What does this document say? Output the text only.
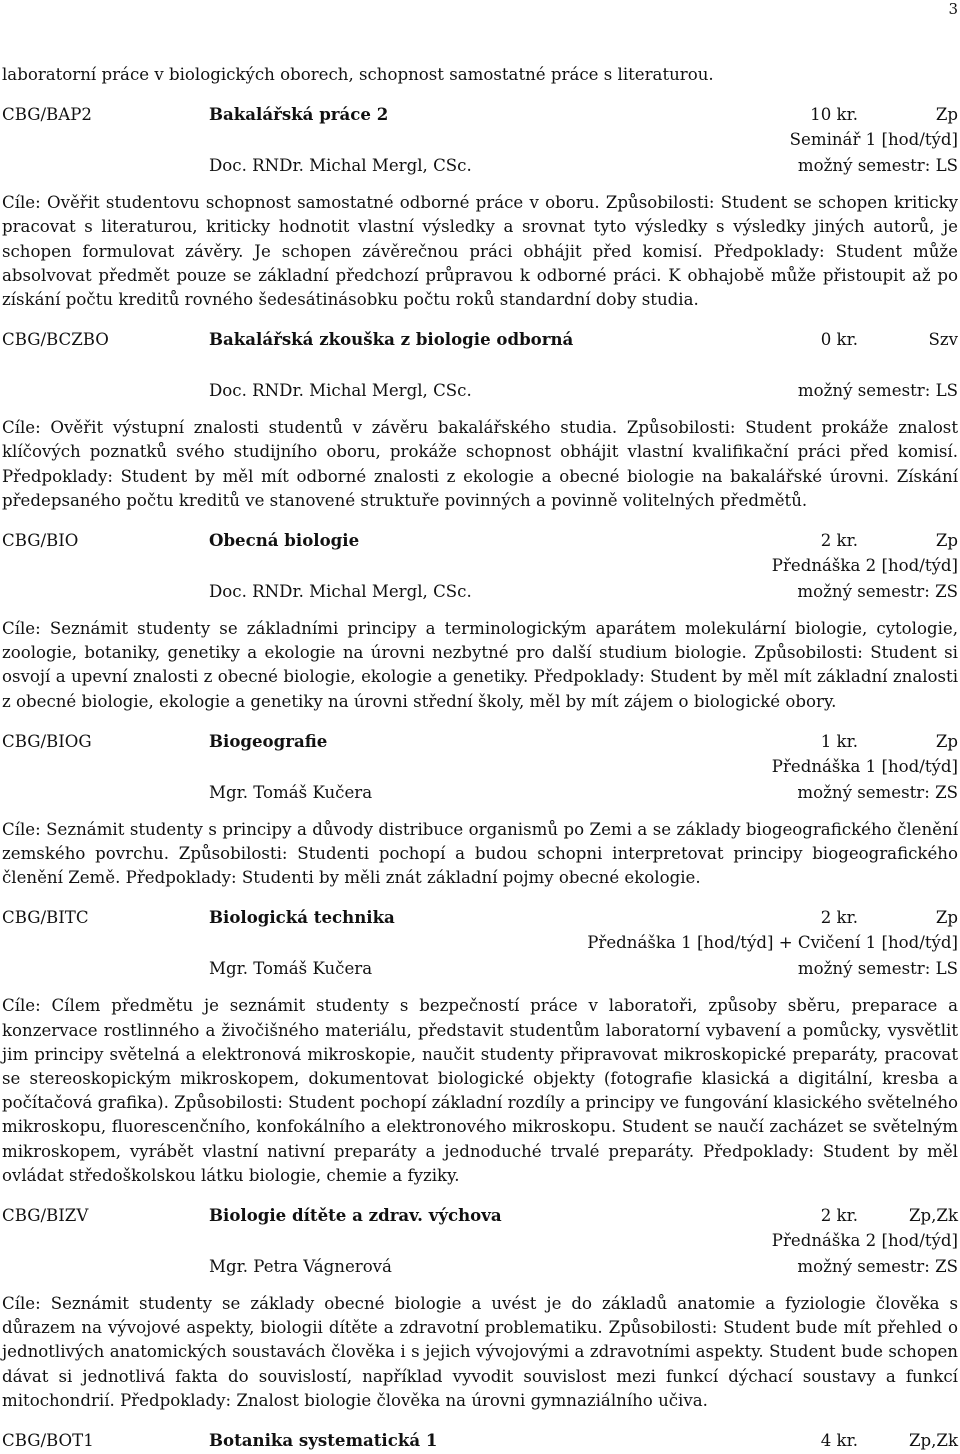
3

laboratorní práce v biologických oborech, schopnost samostatné práce s literaturou.

CBG/BAP2	Bakalářská práce 2	10 kr.	Zp
Seminář 1 [hod/týd]
Doc. RNDr. Michal Mergl, CSc.	možný semestr: LS

Cíle: Ověřit studentovu schopnost samostatné odborné práce v oboru. Způsobilosti: Student se schopen kriticky pracovat s literaturou, kriticky hodnotit vlastní výsledky a srovnat tyto výsledky s výsledky jiných autorů, je schopen formulovat závěry. Je schopen závěrečnou práci obhájit před komisí. Předpoklady: Student může absolvovat předmět pouze se základní předchozí průpravou k odborné práci. K obhajobě může přistoupit až po získání počtu kreditů rovného šedesátinásobku počtu roků standardní doby studia.

CBG/BCZBO	Bakalářská zkouška z biologie odborná	0 kr.	Szv
Doc. RNDr. Michal Mergl, CSc.	možný semestr: LS

Cíle: Ověřit výstupní znalosti studentů v závěru bakalářského studia. Způsobilosti: Student prokáže znalost klíčových poznatků svého studijního oboru, prokáže schopnost obhájit vlastní kvalifikační práci před komisí. Předpoklady: Student by měl mít odborné znalosti z ekologie a obecné biologie na bakalářské úrovni. Získání předepsaného počtu kreditů ve stanovené struktuře povinných a povinně volitelných předmětů.

CBG/BIO	Obecná biologie	2 kr.	Zp
Přednáška 2 [hod/týd]
Doc. RNDr. Michal Mergl, CSc.	možný semestr: ZS

Cíle: Seznámit studenty se základními principy a terminologickým aparátem molekulární biologie, cytologie, zoologie, botaniky, genetiky a ekologie na úrovni nezbytné pro další studium biologie. Způsobilosti: Student si osvojí a upevní znalosti z obecné biologie, ekologie a genetiky. Předpoklady: Student by měl mít základní znalosti z obecné biologie, ekologie a genetiky na úrovni střední školy, měl by mít zájem o biologické obory.

CBG/BIOG	Biogeografie	1 kr.	Zp
Přednáška 1 [hod/týd]
Mgr. Tomáš Kučera	možný semestr: ZS

Cíle: Seznámit studenty s principy a důvody distribuce organismů po Zemi a se základy biogeografického členění zemského povrchu. Způsobilosti: Studenti pochopí a budou schopni interpretovat principy biogeografického členění Země. Předpoklady: Studenti by měli znát základní pojmy obecné ekologie.

CBG/BITC	Biologická technika	2 kr.	Zp
Přednáška 1 [hod/týd] + Cvičení 1 [hod/týd]
Mgr. Tomáš Kučera	možný semestr: LS

Cíle: Cílem předmětu je seznámit studenty s bezpečností práce v laboratoři, způsoby sběru, preparace a konzervace rostlinného a živočišného materiálu, představit studentům laboratorní vybavení a pomůcky, vysvětlit jim principy světelná a elektronová mikroskopie, naučit studenty připravovat mikroskopické preparáty, pracovat se stereoskopickým mikroskopem, dokumentovat biologické objekty (fotografie klasická a digitální, kresba a počítačová grafika). Způsobilosti: Student pochopí základní rozdíly a principy ve fungování klasického světelného mikroskopu, fluorescenčního, konfokálního a elektronového mikroskopu. Student se naučí zacházet se světelným mikroskopem, vyrábět vlastní nativní preparáty a jednoduché trvalé preparáty. Předpoklady: Student by měl ovládat středoškolskou látku biologie, chemie a fyziky.

CBG/BIZV	Biologie dítěte a zdrav. výchova	2 kr.	Zp,Zk
Přednáška 2 [hod/týd]
Mgr. Petra Vágnerová	možný semestr: ZS

Cíle: Seznámit studenty se základy obecné biologie a uvést je do základů anatomie a fyziologie člověka s důrazem na vývojové aspekty, biologii dítěte a zdravotní problematiku. Způsobilosti: Student bude mít přehled o jednotlivých anatomických soustavách člověka i s jejich vývojovými a zdravotními aspekty. Student bude schopen dávat si jednotlivá fakta do souvislostí, například vyvodit souvislost mezi funkcí dýchací soustavy a funkcí mitochondrií. Předpoklady: Znalost biologie člověka na úrovni gymnaziálního učiva.

CBG/BOT1	Botanika systematická 1	4 kr.	Zp,Zk
